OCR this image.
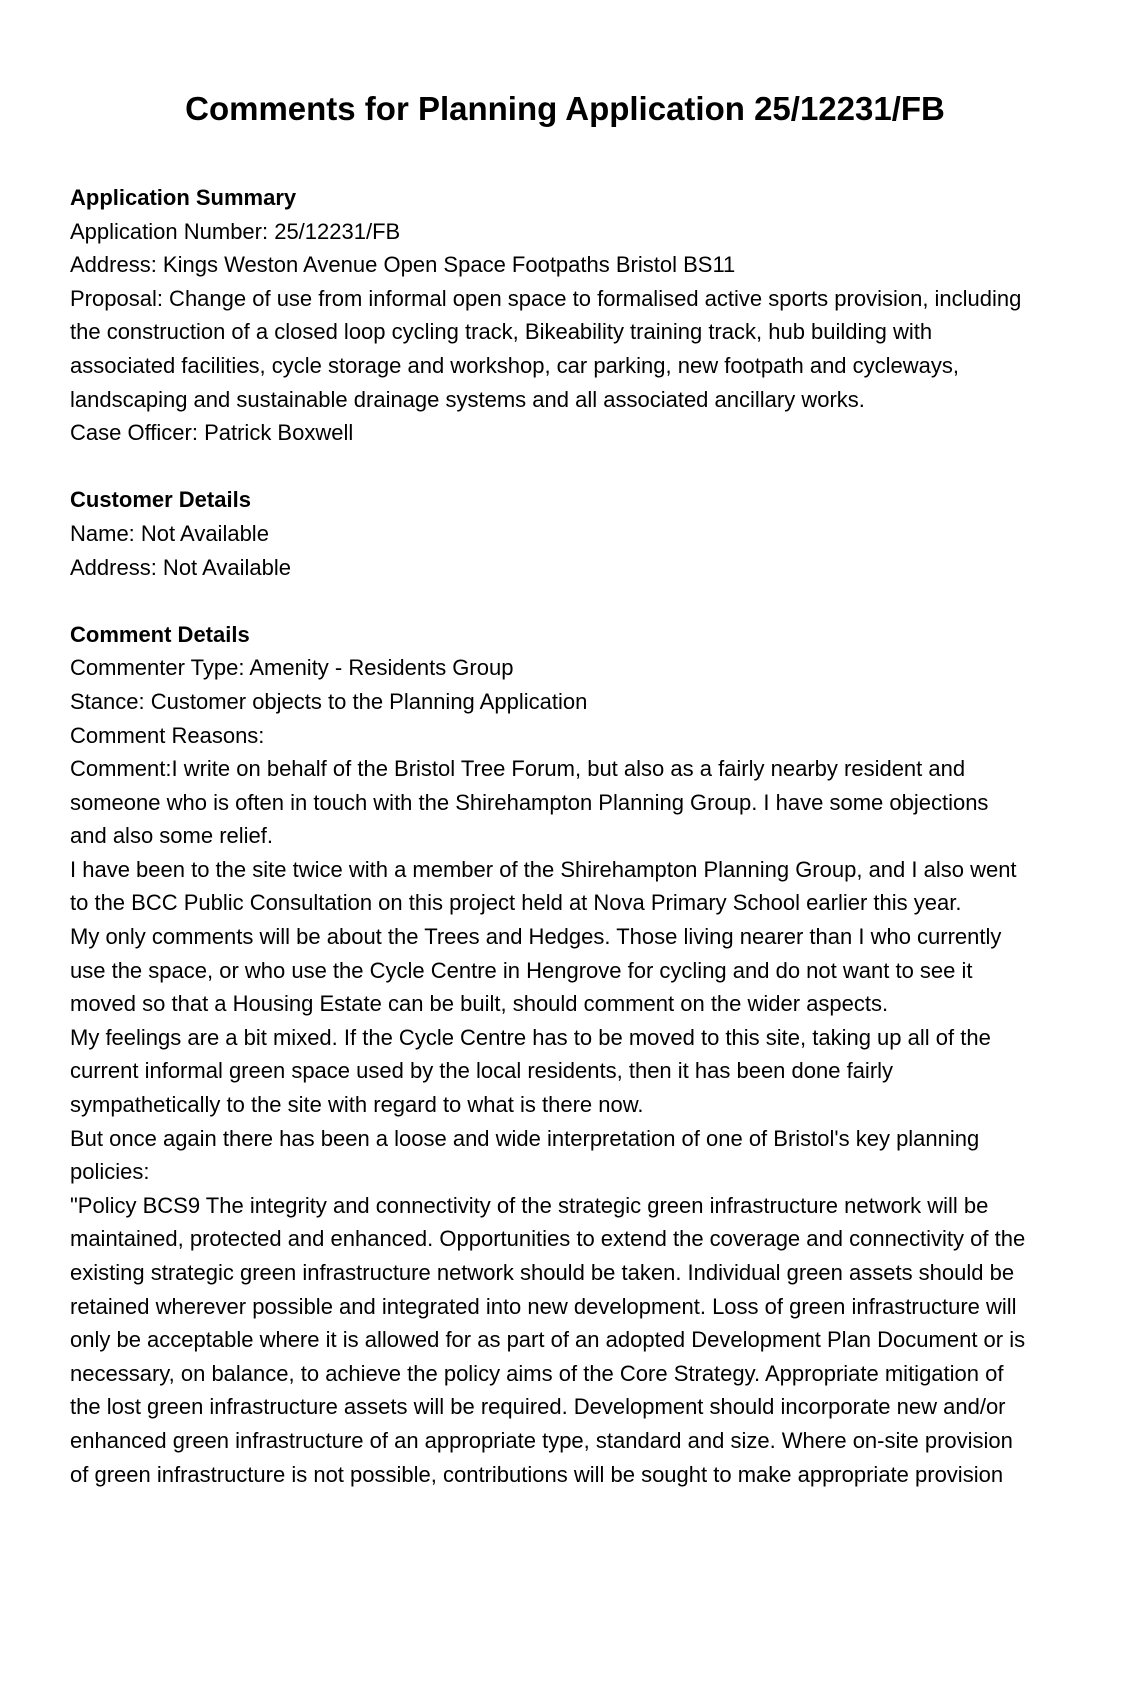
Comments for Planning Application 25/12231/FB
Application Summary

Application Number: 25/12231/FB

Address: Kings Weston Avenue Open Space Footpaths Bristol BS11

Proposal: Change of use from informal open space to formalised active sports provision, including the construction of a closed loop cycling track, Bikeability training track, hub building with associated facilities, cycle storage and workshop, car parking, new footpath and cycleways, landscaping and sustainable drainage systems and all associated ancillary works.

Case Officer: Patrick Boxwell

Customer Details

Name: Not Available

Address: Not Available

Comment Details

Commenter Type: Amenity - Residents Group

Stance: Customer objects to the Planning Application

Comment Reasons:

Comment:I write on behalf of the Bristol Tree Forum, but also as a fairly nearby resident and someone who is often in touch with the Shirehampton Planning Group. I have some objections and also some relief.

I have been to the site twice with a member of the Shirehampton Planning Group, and I also went to the BCC Public Consultation on this project held at Nova Primary School earlier this year.

My only comments will be about the Trees and Hedges. Those living nearer than I who currently use the space, or who use the Cycle Centre in Hengrove for cycling and do not want to see it moved so that a Housing Estate can be built, should comment on the wider aspects.

My feelings are a bit mixed. If the Cycle Centre has to be moved to this site, taking up all of the current informal green space used by the local residents, then it has been done fairly sympathetically to the site with regard to what is there now.

But once again there has been a loose and wide interpretation of one of Bristol's key planning policies:

"Policy BCS9 The integrity and connectivity of the strategic green infrastructure network will be maintained, protected and enhanced. Opportunities to extend the coverage and connectivity of the existing strategic green infrastructure network should be taken. Individual green assets should be retained wherever possible and integrated into new development. Loss of green infrastructure will only be acceptable where it is allowed for as part of an adopted Development Plan Document or is necessary, on balance, to achieve the policy aims of the Core Strategy. Appropriate mitigation of the lost green infrastructure assets will be required. Development should incorporate new and/or enhanced green infrastructure of an appropriate type, standard and size. Where on-site provision of green infrastructure is not possible, contributions will be sought to make appropriate provision
